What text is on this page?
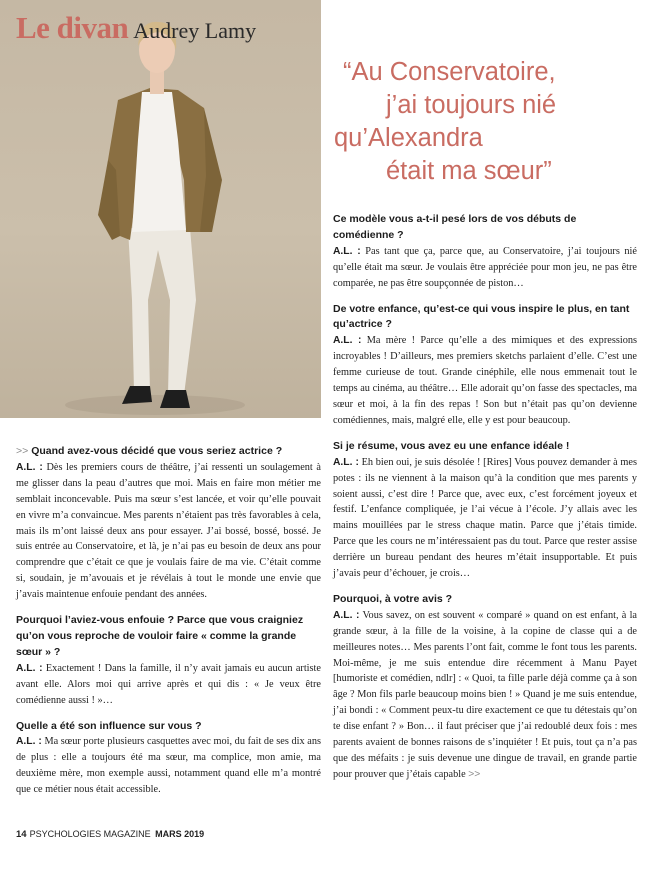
Le divan Audrey Lamy
“Au Conservatoire,
j’ai toujours nié
qu’Alexandra
était ma sœur”

>> Quand avez-vous décidé que vous seriez actrice ?

A.L. : Dès les premiers cours de théâtre, j’ai ressenti un soulagement à me glisser dans la peau d’autres que moi. Mais en faire mon métier me semblait inconcevable. Puis ma sœur s’est lancée, et voir qu’elle pouvait en vivre m’a convaincue. Mes parents n’étaient pas très favorables à cela, mais ils m’ont laissé deux ans pour essayer. J’ai bossé, bossé, bossé. Je suis entrée au Conservatoire, et là, je n’ai pas eu besoin de deux ans pour comprendre que c’était ce que je voulais faire de ma vie. C’était comme si, soudain, je m’avouais et je révélais à tout le monde une envie que j’avais maintenue enfouie pendant des années.

Pourquoi l’aviez-vous enfouie ? Parce que vous craigniez qu’on vous reproche de vouloir faire « comme la grande sœur » ?

A.L. : Exactement ! Dans la famille, il n’y avait jamais eu aucun artiste avant elle. Alors moi qui arrive après et qui dis : « Je veux être comédienne aussi ! »…

Quelle a été son influence sur vous ?

A.L. : Ma sœur porte plusieurs casquettes avec moi, du fait de ses dix ans de plus : elle a toujours été ma sœur, ma complice, mon amie, ma deuxième mère, mon exemple aussi, notamment quand elle m’a montré que ce métier nous était accessible.

Ce modèle vous a-t-il pesé lors de vos débuts de comédienne ?

A.L. : Pas tant que ça, parce que, au Conservatoire, j’ai toujours nié qu’elle était ma sœur. Je voulais être appréciée pour mon jeu, ne pas être comparée, ne pas être soupçonnée de piston…

De votre enfance, qu’est-ce qui vous inspire le plus, en tant qu’actrice ?

A.L. : Ma mère ! Parce qu’elle a des mimiques et des expressions incroyables ! D’ailleurs, mes premiers sketchs parlaient d’elle. C’est une femme curieuse de tout. Grande cinéphile, elle nous emmenait tout le temps au cinéma, au théâtre… Elle adorait qu’on fasse des spectacles, ma sœur et moi, à la fin des repas ! Son but n’était pas qu’on devienne comédiennes, mais, malgré elle, elle y est pour beaucoup.

Si je résume, vous avez eu une enfance idéale !

A.L. : Eh bien oui, je suis désolée ! [Rires] Vous pouvez demander à mes potes : ils ne viennent à la maison qu’à la condition que mes parents y soient aussi, c’est dire ! Parce que, avec eux, c’est forcément joyeux et festif. L’enfance compliquée, je l’ai vécue à l’école. J’y allais avec les mains mouillées par le stress chaque matin. Parce que j’étais timide. Parce que les cours ne m’intéressaient pas du tout. Parce que rester assise derrière un bureau pendant des heures m’était insupportable. Et puis j’avais peur d’échouer, je crois…

Pourquoi, à votre avis ?

A.L. : Vous savez, on est souvent « comparé » quand on est enfant, à la grande sœur, à la fille de la voisine, à la copine de classe qui a de meilleures notes… Mes parents l’ont fait, comme le font tous les parents. Moi-même, je me suis entendue dire récemment à Manu Payet [humoriste et comédien, ndlr] : « Quoi, ta fille parle déjà comme ça à son âge ? Mon fils parle beaucoup moins bien ! » Quand je me suis entendue, j’ai bondi : « Comment peux-tu dire exactement ce que tu détestais qu’on te dise enfant ? » Bon… il faut préciser que j’ai redoublé deux fois : mes parents avaient de bonnes raisons de s’inquiéter ! Et puis, tout ça n’a pas que des méfaits : je suis devenue une dingue de travail, en grande partie pour prouver que j’étais capable >>

14 PSYCHOLOGIES MAGAZINE MARS 2019
